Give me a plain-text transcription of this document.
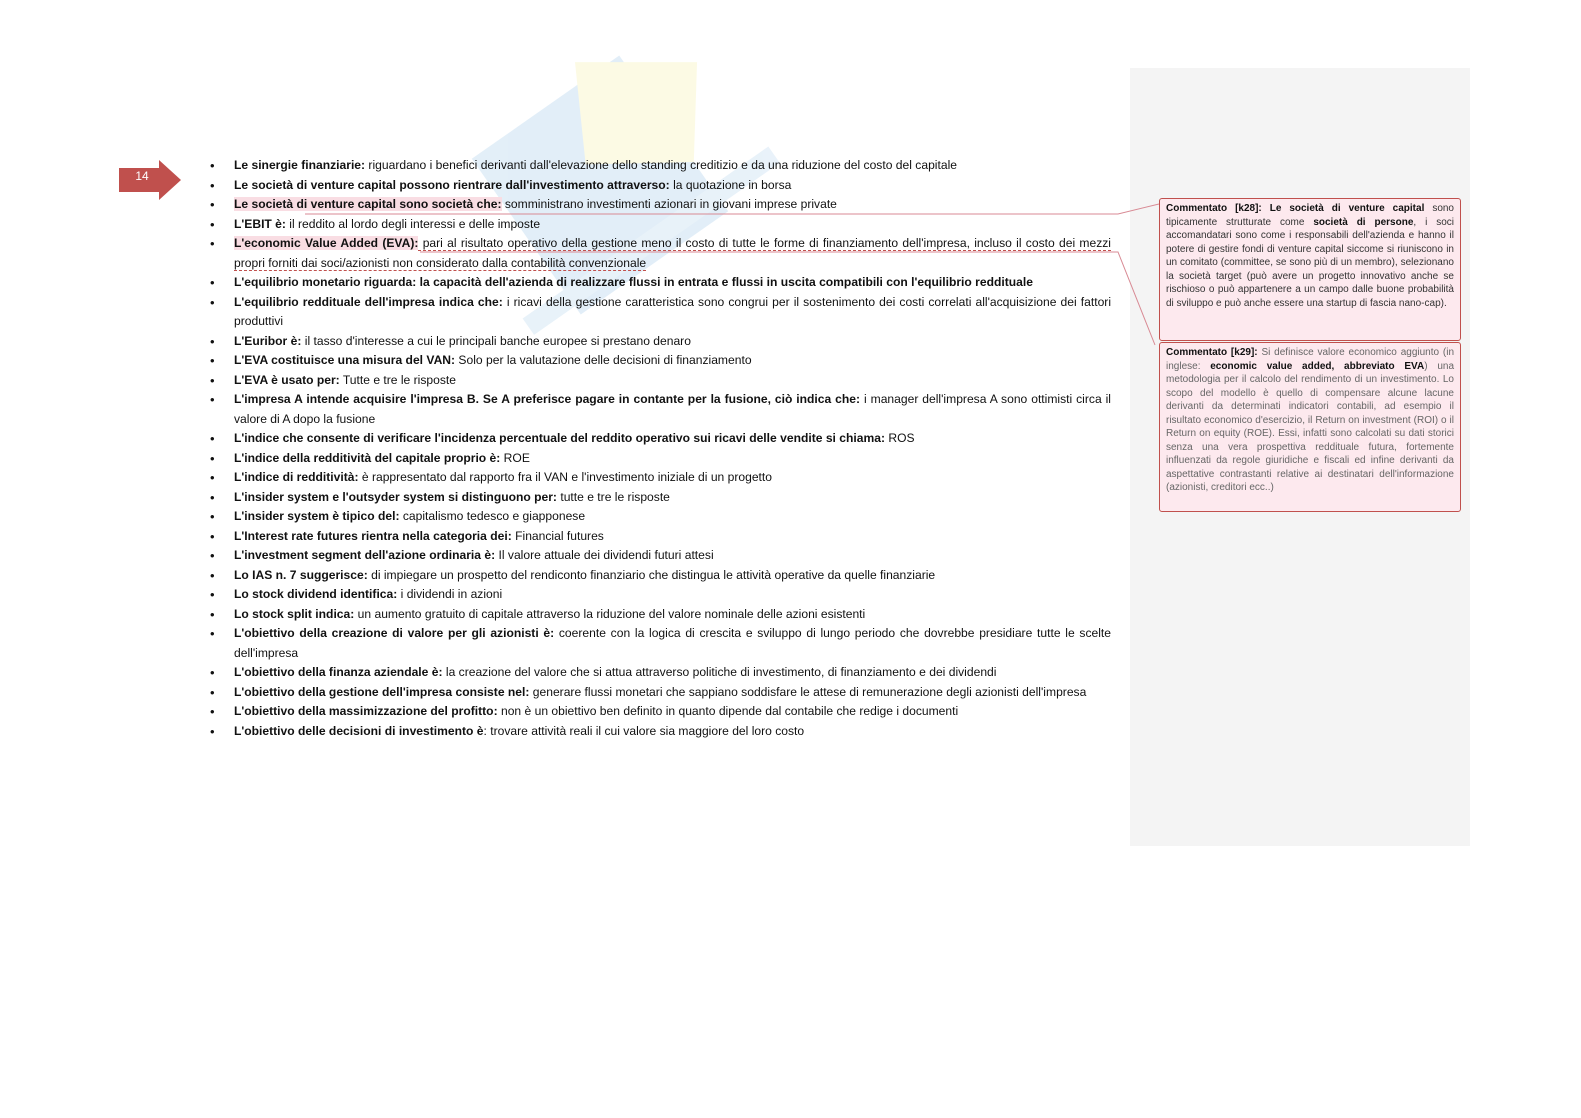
14
• Le sinergie finanziarie: riguardano i benefici derivanti dall'elevazione dello standing creditizio e da una riduzione del costo del capitale
• Le società di venture capital possono rientrare dall'investimento attraverso: la quotazione in borsa
• Le società di venture capital sono società che: somministrano investimenti azionari in giovani imprese private
• L'EBIT è: il reddito al lordo degli interessi e delle imposte
• L'economic Value Added (EVA): pari al risultato operativo della gestione meno il costo di tutte le forme di finanziamento dell'impresa, incluso il costo dei mezzi propri forniti dai soci/azionisti non considerato dalla contabilità convenzionale
• L'equilibrio monetario riguarda: la capacità dell'azienda di realizzare flussi in entrata e flussi in uscita compatibili con l'equilibrio reddituale
• L'equilibrio reddituale dell'impresa indica che: i ricavi della gestione caratteristica sono congrui per il sostenimento dei costi correlati all'acquisizione dei fattori produttivi
• L'Euribor è: il tasso d'interesse a cui le principali banche europee si prestano denaro
• L'EVA costituisce una misura del VAN: Solo per la valutazione delle decisioni di finanziamento
• L'EVA è usato per: Tutte e tre le risposte
• L'impresa A intende acquisire l'impresa B. Se A preferisce pagare in contante per la fusione, ciò indica che: i manager dell'impresa A sono ottimisti circa il valore di A dopo la fusione
• L'indice che consente di verificare l'incidenza percentuale del reddito operativo sui ricavi delle vendite si chiama: ROS
• L'indice della redditività del capitale proprio è: ROE
• L'indice di redditività: è rappresentato dal rapporto fra il VAN e l'investimento iniziale di un progetto
• L'insider system e l'outsyder system si distinguono per: tutte e tre le risposte
• L'insider system è tipico del: capitalismo tedesco e giapponese
• L'Interest rate futures rientra nella categoria dei: Financial futures
• L'investment segment dell'azione ordinaria è: Il valore attuale dei dividendi futuri attesi
• Lo IAS n. 7 suggerisce: di impiegare un prospetto del rendiconto finanziario che distingua le attività operative da quelle finanziarie
• Lo stock dividend identifica: i dividendi in azioni
• Lo stock split indica: un aumento gratuito di capitale attraverso la riduzione del valore nominale delle azioni esistenti
• L'obiettivo della creazione di valore per gli azionisti è: coerente con la logica di crescita e sviluppo di lungo periodo che dovrebbe presidiare tutte le scelte dell'impresa
• L'obiettivo della finanza aziendale è: la creazione del valore che si attua attraverso politiche di investimento, di finanziamento e dei dividendi
• L'obiettivo della gestione dell'impresa consiste nel: generare flussi monetari che sappiano soddisfare le attese di remunerazione degli azionisti dell'impresa
• L'obiettivo della massimizzazione del profitto: non è un obiettivo ben definito in quanto dipende dal contabile che redige i documenti
• L'obiettivo delle decisioni di investimento è: trovare attività reali il cui valore sia maggiore del loro costo
Commentato [k28]: Le società di venture capital sono tipicamente strutturate come società di persone, i soci accomandatari sono come i responsabili dell'azienda e hanno il potere di gestire fondi di venture capital siccome si riuniscono in un comitato (committee, se sono più di un membro), selezionano la società target (può avere un progetto innovativo anche se rischioso o può appartenere a un campo dalle buone probabilità di sviluppo e può anche essere una startup di fascia nano-cap).
Commentato [k29]: Si definisce valore economico aggiunto (in inglese: economic value added, abbreviato EVA) una metodologia per il calcolo del rendimento di un investimento. Lo scopo del modello è quello di compensare alcune lacune derivanti da determinati indicatori contabili, ad esempio il risultato economico d'esercizio, il Return on investment (ROI) o il Return on equity (ROE). Essi, infatti sono calcolati su dati storici senza una vera prospettiva reddituale futura, fortemente influenzati da regole giuridiche e fiscali ed infine derivanti da aspettative contrastanti relative ai destinatari dell'informazione (azionisti, creditori ecc..)
